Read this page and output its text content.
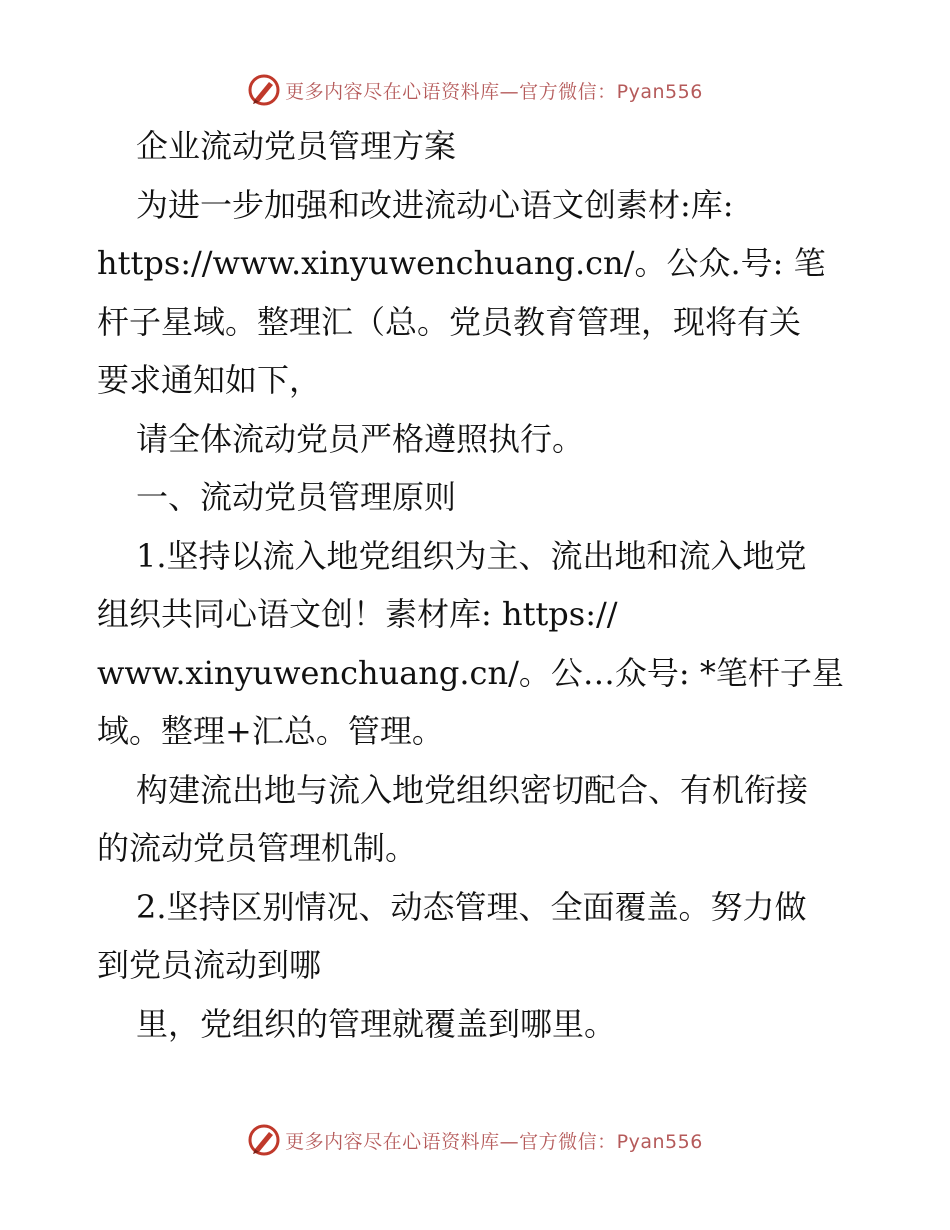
更多内容尽在心语资料库—官方微信：Pyan556
企业流动党员管理方案
为进一步加强和改进流动心语文创素材:库:
https://www.xinyuwenchuang.cn/。公众.号: 笔
杆子星域。整理汇（总。党员教育管理，现将有关
要求通知如下，
请全体流动党员严格遵照执行。
一、流动党员管理原则
1.坚持以流入地党组织为主、流出地和流入地党
组织共同心语文创！素材库: https://
www.xinyuwenchuang.cn/。公…众号: *笔杆子星
域。整理+汇总。管理。
构建流出地与流入地党组织密切配合、有机衔接
的流动党员管理机制。
2.坚持区别情况、动态管理、全面覆盖。努力做
到党员流动到哪
里，党组织的管理就覆盖到哪里。
更多内容尽在心语资料库—官方微信：Pyan556
